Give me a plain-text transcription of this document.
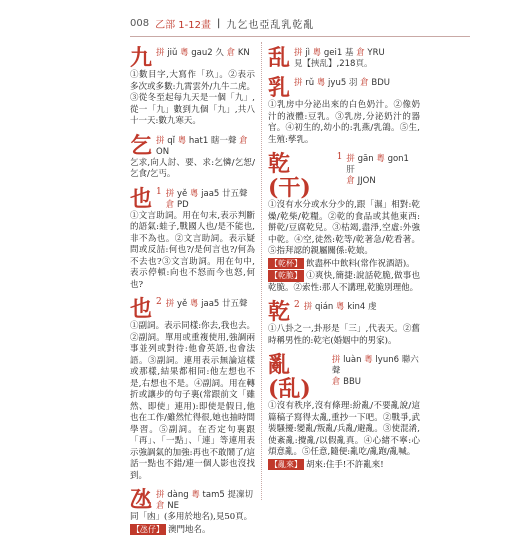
008 乙部 1-12畫 | 九乞也亞乱乳乾亂
九 拼 jiǔ 粵 gau2 久 倉 KN
①數目字,大寫作「玖」。②表示多次或多數:九霄雲外/九牛二虎。③從冬至起每九天是一個「九」,從一「九」數到九個「九」,共八十一天:數九寒天。
乞 拼 qǐ 粵 hat1 瞎一聲 倉 ON
乞求,向人討、要、求:乞憐/乞恕/乞食/乞丐。
也 1 拼 yě 粵 jaa5 廿五聲 倉 PD
①文言助詞。用在句末,表示判斷的語氣:蛙子,戰國人也/是不能也,非不為也。②文言助詞。表示疑問或反詰:何也?/是何言也?/何為不去也?③文言助詞。用在句中,表示停頓:向也不怒而今也怒,何也?
也 2 拼 yě 粵 jaa5 廿五聲
①副詞。表示同樣:你去,我也去。②副詞。單用或重複使用,強調兩事並列或對待:他會英語,也會法語。③副詞。連用表示無論這樣或那樣,結果都相同:他左想也不是,右想也不是。④副詞。用在轉折或讓步的句子裏(常跟前文「雖然、即使」連用):即使是假日,他也在工作/雖然忙得很,她也抽時間學習。⑤副詞。在否定句裏跟「再」、「一點」、「連」等連用表示強調氣的加強:再也不敢鬧了/這話一點也不錯/連一個人影也沒找到。
氹 拼 dàng 粵 tam5 提凜切 倉 NE
同「凼」(多用於地名),見50頁。
【氹仔】 澳門地名。
乱 拼 jì 粵 gei1 基 倉 YRU
見【挾乱】,218頁。
乳 拼 rǔ 粵 jyu5 羽 倉 BDU
①乳房中分泌出來的白色奶汁。②像奶汁的液體:豆乳。③乳房,分泌奶汁的器官。④初生的,幼小的:乳燕/乳鴿。⑤生,生殖:孳乳。
乾(干)
1 拼 gān 粵 gon1 肝
倉 JJON
①沒有水分或水分少的,跟「濕」相對:乾燥/乾柴/乾糧。②乾的食品或其他東西:餅乾/豆腐乾兒。③枯竭,盡淨,空虛:外強中乾。④空,徒然:乾等/乾著急/乾看著。⑤指拜認的親屬關係:乾娘。
【乾杯】 飲盡杯中飲料(常作祝酒語)。
【乾脆】 ①爽快,簡捷:說話乾脆,做事也乾脆。②索性:那人不講理,乾脆別理他。
乾 2 拼 qián 粵 kin4 虔
①八卦之一,卦形是「三」,代表天。②舊時稱男性的:乾宅(婚姻中的男家)。
亂(乱)
拼 luàn 粵 lyun6 聯六聲
倉 BBU
①沒有秩序,沒有條理:紛亂/不要亂說/這篇稿子寫得太亂,重抄一下吧。②戰爭,武裝騷擾:變亂/叛亂/兵亂/避亂。③使混淆,使紊亂:攪亂/以假亂真。④心緒不寧:心煩意亂。⑤任意,隨便:亂吃/亂跑/亂喊。
【亂來】 胡來:住手!不許亂來!
